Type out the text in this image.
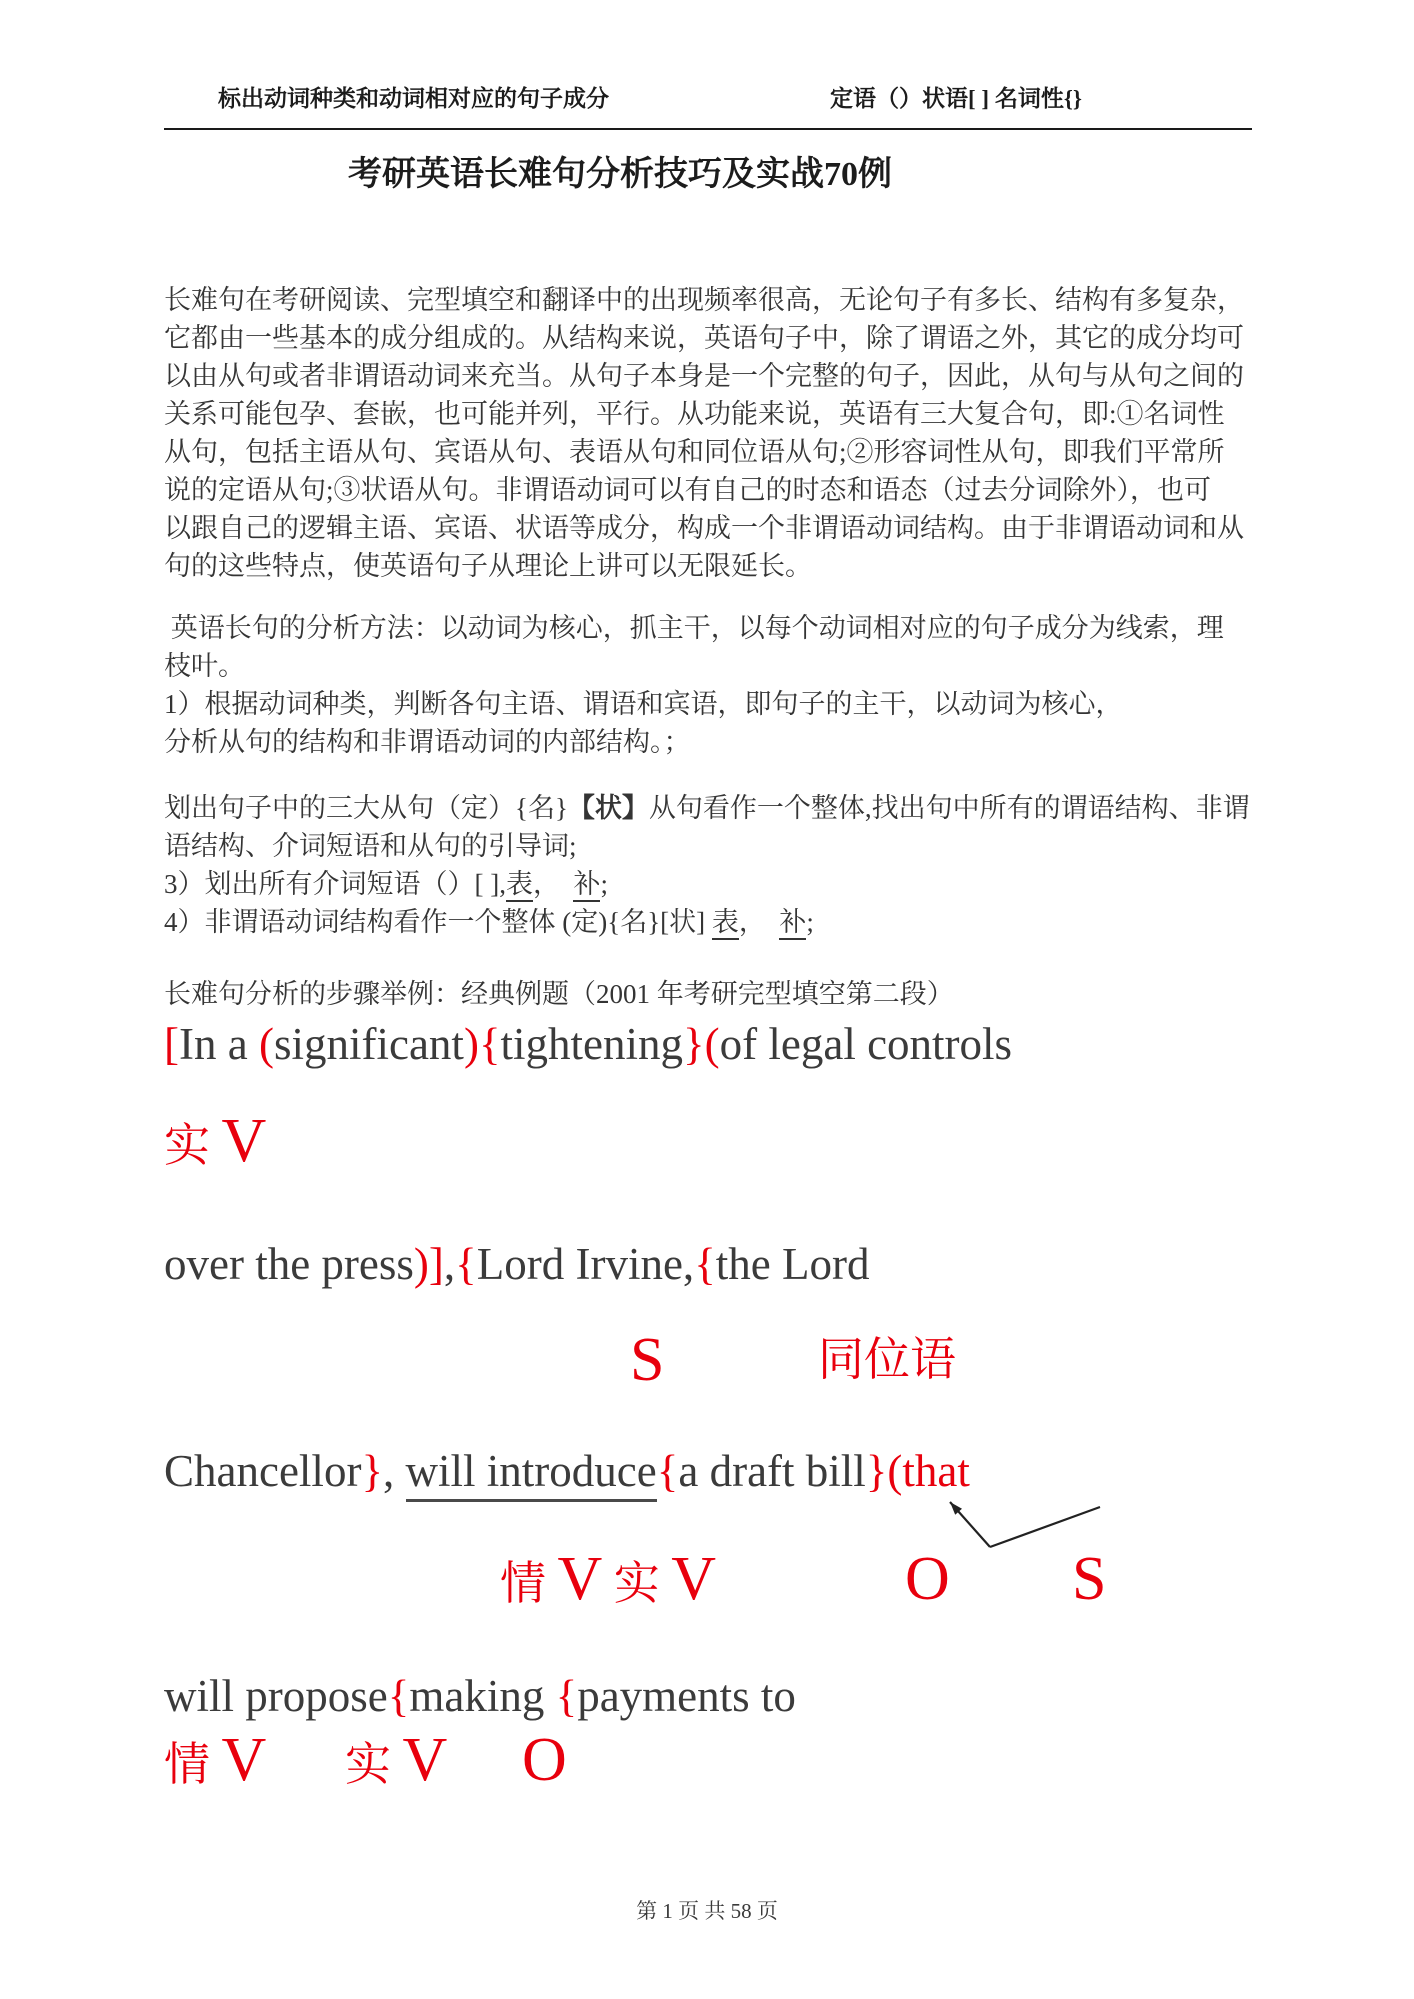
标出动词种类和动词相对应的句子成分	定语（）状语[ ] 名词性{}
考研英语长难句分析技巧及实战70例
长难句在考研阅读、完型填空和翻译中的出现频率很高，无论句子有多长、结构有多复杂，
它都由一些基本的成分组成的。从结构来说，英语句子中，除了谓语之外，其它的成分均可
以由从句或者非谓语动词来充当。从句子本身是一个完整的句子，因此，从句与从句之间的
关系可能包孕、套嵌，也可能并列，平行。从功能来说，英语有三大复合句，即:①名词性
从句，包括主语从句、宾语从句、表语从句和同位语从句;②形容词性从句，即我们平常所
说的定语从句;③状语从句。非谓语动词可以有自己的时态和语态（过去分词除外），也可
以跟自己的逻辑主语、宾语、状语等成分，构成一个非谓语动词结构。由于非谓语动词和从
句的这些特点，使英语句子从理论上讲可以无限延长。
英语长句的分析方法：以动词为核心，抓主干，以每个动词相对应的句子成分为线索，理
枝叶。
1）根据动词种类，判断各句主语、谓语和宾语，即句子的主干，以动词为核心，
分析从句的结构和非谓语动词的内部结构。；
划出句子中的三大从句（定）{名}【状】从句看作一个整体,找出句中所有的谓语结构、非谓
语结构、介词短语和从句的引导词;
3）划出所有介词短语（）[ ],表，　补;
4）非谓语动词结构看作一个整体 (定){名}[状] 表，　补;
长难句分析的步骤举例：经典例题（2001 年考研完型填空第二段）
[In a (significant){tightening}(of legal controls
实 V
over the press)],{Lord Irvine,{the Lord
S	同位语
Chancellor}, will introduce{a draft bill}(that
情 V 实 V	O S
will propose{making {payments to
情 V 实 V O
第 1 页 共 58 页
